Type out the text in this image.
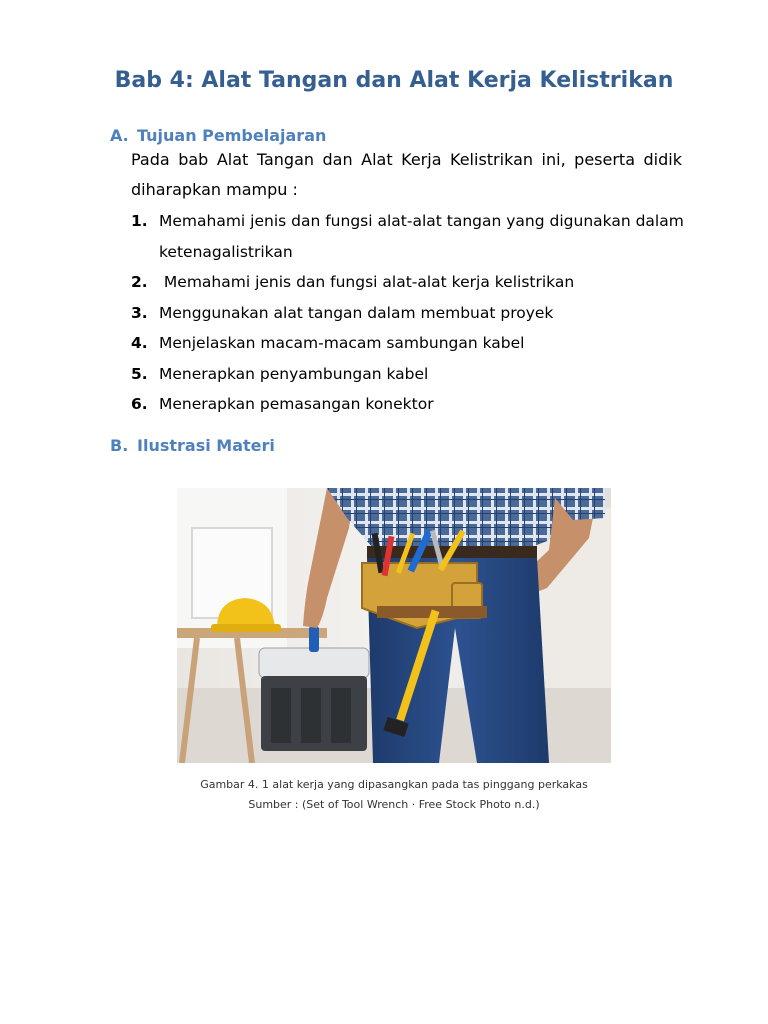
Bab 4: Alat Tangan dan Alat Kerja Kelistrikan
A. Tujuan Pembelajaran
Pada bab Alat Tangan dan Alat Kerja Kelistrikan ini, peserta didik diharapkan mampu :
1. Memahami jenis dan fungsi alat-alat tangan yang digunakan dalam ketenagalistrikan
2. Memahami jenis dan fungsi alat-alat kerja kelistrikan
3. Menggunakan alat tangan dalam membuat proyek
4. Menjelaskan macam-macam sambungan kabel
5. Menerapkan penyambungan kabel
6. Menerapkan pemasangan konektor
B. Ilustrasi Materi
Gambar 4. 1 alat kerja yang dipasangkan pada tas pinggang perkakas
Sumber : (Set of Tool Wrench · Free Stock Photo n.d.)
